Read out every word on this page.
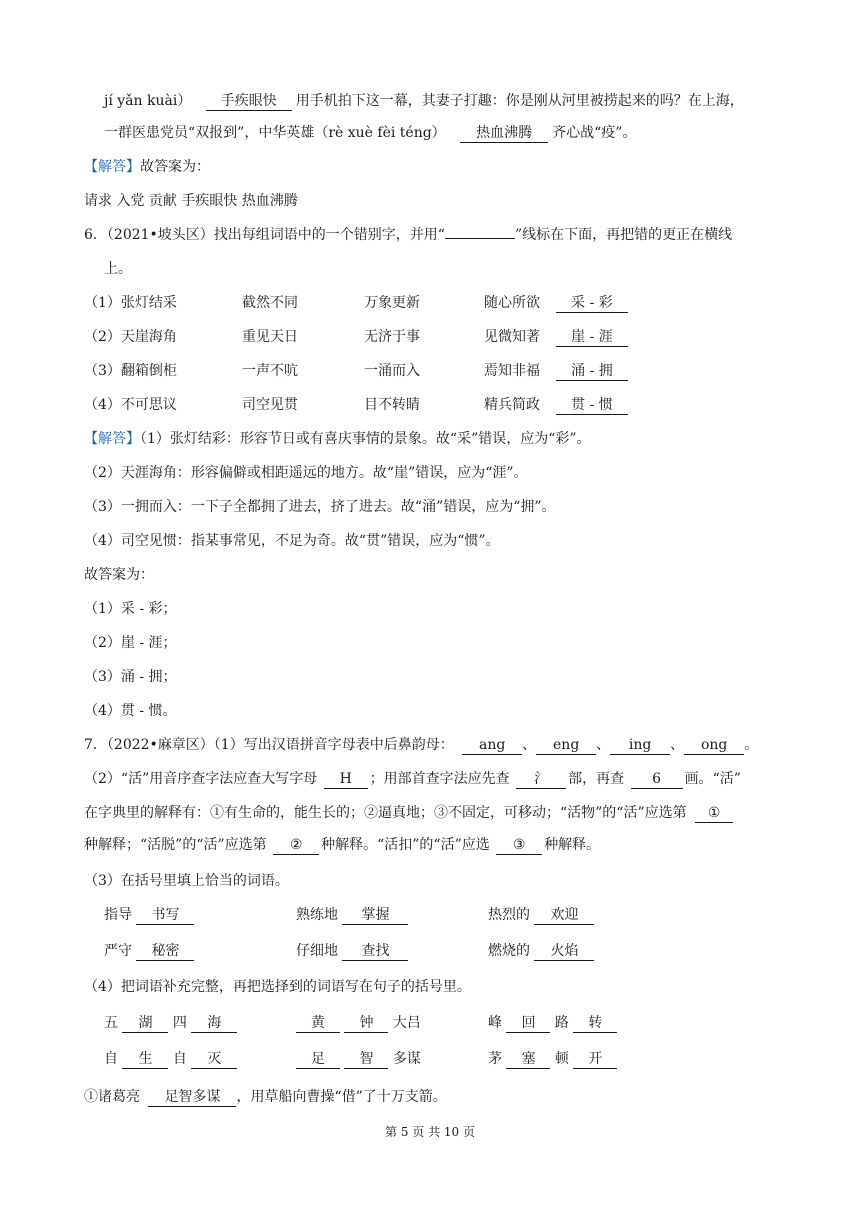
jí yǎn kuài） 手疾眼快 用手机拍下这一幕，其妻子打趣：你是刚从河里被捞起来的吗？在上海，
一群医患党员“双报到”，中华英雄（rè xuè fèi téng） 热血沸腾 齐心战“疫”。
【解答】故答案为：
请求 入党 贡献 手疾眼快 热血沸腾
6．（2021•坡头区）找出每组词语中的一个错别字，并用“	”线标在下面，再把错的更正在横线
上。
（1）张灯结采	截然不同	万象更新	随心所欲	采 - 彩
（2）天崖海角	重见天日	无济于事	见微知著	崖 - 涯
（3）翻箱倒柜	一声不吭	一涌而入	焉知非福	涌 - 拥
（4）不可思议	司空见贯	目不转睛	精兵简政	贯 - 惯
【解答】（1）张灯结彩：形容节日或有喜庆事情的景象。故“采”错误，应为“彩”。
（2）天涯海角：形容偏僻或相距遥远的地方。故“崖”错误，应为“涯”。
（3）一拥而入：一下子全都拥了进去，挤了进去。故“涌”错误，应为“拥”。
（4）司空见惯：指某事常见，不足为奇。故“贯”错误，应为“惯”。
故答案为：
（1）采 - 彩；
（2）崖 - 涯；
（3）涌 - 拥；
（4）贯 - 惯。
7．（2022•麻章区）（1）写出汉语拼音字母表中后鼻韵母： ang 、 eng 、 ing 、 ong 。
（2）“活”用音序查字法应查大写字母 H ；用部首查字法应先查 氵 部，再查 6 画。“活”
在字典里的解释有：①有生命的，能生长的；②逼真地；③不固定，可移动；“活物”的“活”应选第 ①
种解释；“活脱”的“活”应选第 ② 种解释。“活扣”的“活”应选 ③ 种解释。
（3）在括号里填上恰当的词语。
指导 书写	熟练地 掌握	热烈的 欢迎
严守 秘密	仔细地 查找	燃烧的 火焰
（4）把词语补充完整，再把选择到的词语写在句子的括号里。
五 湖 四 海	黄 钟 大吕	峰 回 路 转
自 生 自 灭	足 智 多谋	茅 塞 顿 开
①诸葛亮 足智多谋 ，用草船向曹操“借”了十万支箭。
第 5 页 共 10 页
